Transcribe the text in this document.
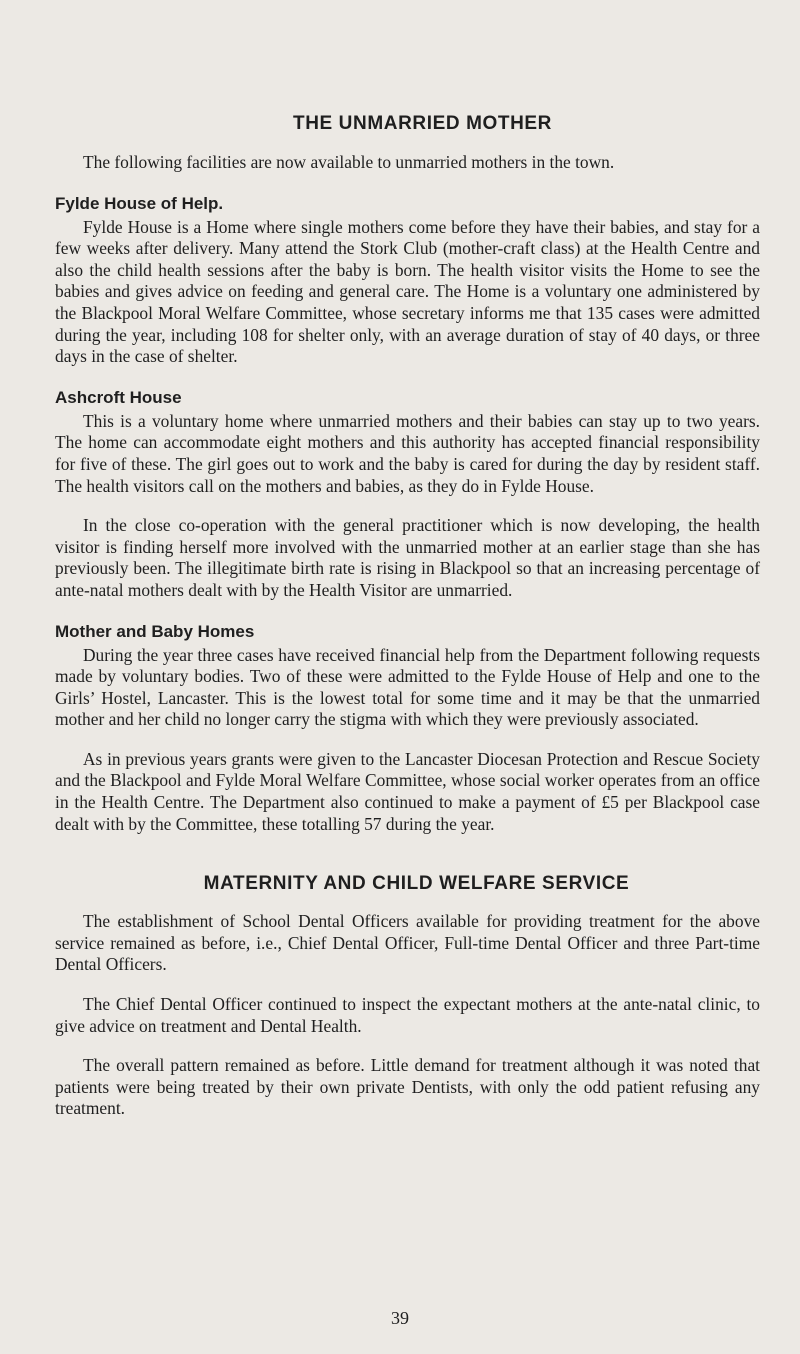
THE UNMARRIED MOTHER

The following facilities are now available to unmarried mothers in the town.

Fylde House of Help.

Fylde House is a Home where single mothers come before they have their babies, and stay for a few weeks after delivery. Many attend the Stork Club (mother-craft class) at the Health Centre and also the child health sessions after the baby is born. The health visitor visits the Home to see the babies and gives advice on feeding and general care. The Home is a voluntary one administered by the Blackpool Moral Welfare Committee, whose secretary informs me that 135 cases were admitted during the year, including 108 for shelter only, with an average duration of stay of 40 days, or three days in the case of shelter.

Ashcroft House

This is a voluntary home where unmarried mothers and their babies can stay up to two years. The home can accommodate eight mothers and this authority has accepted financial responsibility for five of these. The girl goes out to work and the baby is cared for during the day by resident staff. The health visitors call on the mothers and babies, as they do in Fylde House.

In the close co-operation with the general practitioner which is now developing, the health visitor is finding herself more involved with the unmarried mother at an earlier stage than she has previously been. The illegitimate birth rate is rising in Blackpool so that an increasing percentage of ante-natal mothers dealt with by the Health Visitor are unmarried.

Mother and Baby Homes

During the year three cases have received financial help from the Department following requests made by voluntary bodies. Two of these were admitted to the Fylde House of Help and one to the Girls’ Hostel, Lancaster. This is the lowest total for some time and it may be that the unmarried mother and her child no longer carry the stigma with which they were previously associated.

As in previous years grants were given to the Lancaster Diocesan Protection and Rescue Society and the Blackpool and Fylde Moral Welfare Committee, whose social worker operates from an office in the Health Centre. The Department also continued to make a payment of £5 per Blackpool case dealt with by the Committee, these totalling 57 during the year.

MATERNITY AND CHILD WELFARE SERVICE

The establishment of School Dental Officers available for providing treatment for the above service remained as before, i.e., Chief Dental Officer, Full-time Dental Officer and three Part-time Dental Officers.

The Chief Dental Officer continued to inspect the expectant mothers at the ante-natal clinic, to give advice on treatment and Dental Health.

The overall pattern remained as before. Little demand for treatment although it was noted that patients were being treated by their own private Dentists, with only the odd patient refusing any treatment.

39
